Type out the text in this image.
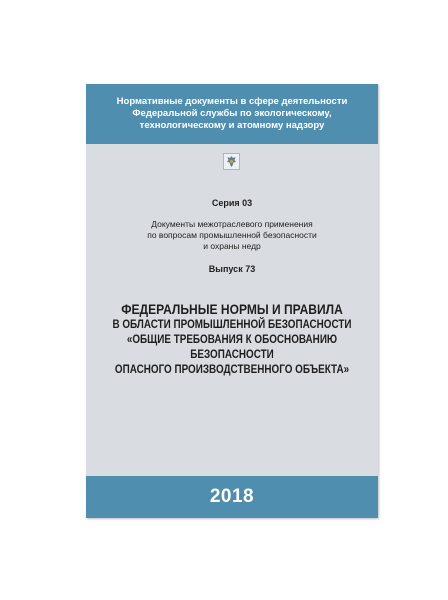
Нормативные документы в сфере деятельности
Федеральной службы по экологическому,
технологическому и атомному надзору
Серия 03
Документы межотраслевого применения
по вопросам промышленной безопасности
и охраны недр
Выпуск 73
ФЕДЕРАЛЬНЫЕ НОРМЫ И ПРАВИЛА
В ОБЛАСТИ ПРОМЫШЛЕННОЙ БЕЗОПАСНОСТИ
«ОБЩИЕ ТРЕБОВАНИЯ К ОБОСНОВАНИЮ БЕЗОПАСНОСТИ
ОПАСНОГО ПРОИЗВОДСТВЕННОГО ОБЪЕКТА»
2018
